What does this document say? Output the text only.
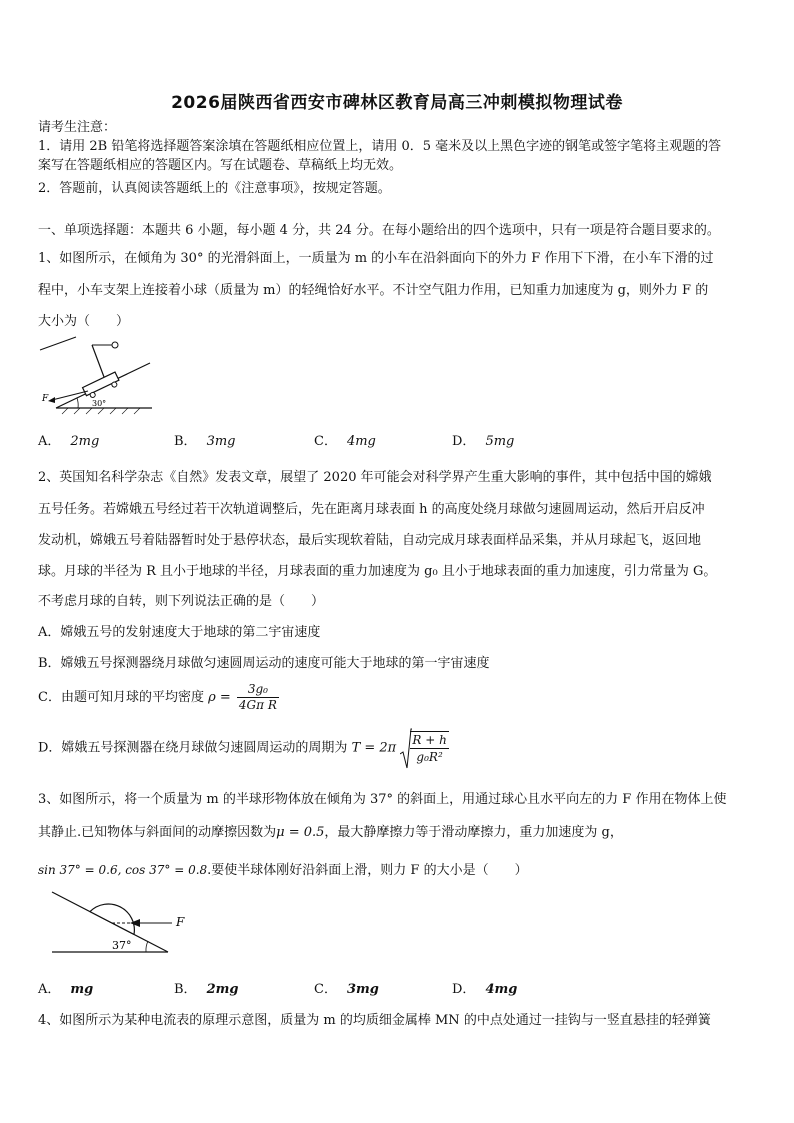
2026届陕西省西安市碑林区教育局高三冲刺模拟物理试卷
请考生注意：
1．请用 2B 铅笔将选择题答案涂填在答题纸相应位置上，请用 0．5 毫米及以上黑色字迹的钢笔或签字笔将主观题的答
案写在答题纸相应的答题区内。写在试题卷、草稿纸上均无效。
2．答题前，认真阅读答题纸上的《注意事项》，按规定答题。
一、单项选择题：本题共 6 小题，每小题 4 分，共 24 分。在每小题给出的四个选项中，只有一项是符合题目要求的。
1、如图所示，在倾角为 30° 的光滑斜面上，一质量为 m 的小车在沿斜面向下的外力 F 作用下下滑，在小车下滑的过
程中，小车支架上连接着小球（质量为 m）的轻绳恰好水平。不计空气阻力作用，已知重力加速度为 g，则外力 F 的
大小为（　　）
F	30°
A． 2mg	B． 3mg	C． 4mg	D． 5mg
2、英国知名科学杂志《自然》发表文章，展望了 2020 年可能会对科学界产生重大影响的事件，其中包括中国的嫦娥
五号任务。若嫦娥五号经过若干次轨道调整后，先在距离月球表面 h 的高度处绕月球做匀速圆周运动，然后开启反冲
发动机，嫦娥五号着陆器暂时处于悬停状态，最后实现软着陆，自动完成月球表面样品采集，并从月球起飞，返回地
球。月球的半径为 R 且小于地球的半径，月球表面的重力加速度为 g₀ 且小于地球表面的重力加速度，引力常量为 G。
不考虑月球的自转，则下列说法正确的是（　　）
A．嫦娥五号的发射速度大于地球的第二宇宙速度
B．嫦娥五号探测器绕月球做匀速圆周运动的速度可能大于地球的第一宇宙速度
C．由题可知月球的平均密度 $\rho = \frac{\text{3g₀}}{\text{4Gπ R}}$
D．嫦娥五号探测器在绕月球做匀速圆周运动的周期为 $T = 2\pi \frac{R + h}{\text{g₀R²}}$
3、如图所示，将一个质量为 m 的半球形物体放在倾角为 37° 的斜面上，用通过球心且水平向左的力 F 作用在物体上使
其静止.已知物体与斜面间的动摩擦因数为μ = 0.5，最大静摩擦力等于滑动摩擦力，重力加速度为 g，
sin 37° = 0.6, cos 37° = 0.8.要使半球体刚好沿斜面上滑，则力 F 的大小是（　　）
F
37°
A． mg	B． 2mg	C． 3mg	D． 4mg
4、如图所示为某种电流表的原理示意图，质量为 m 的均质细金属棒 MN 的中点处通过一挂钩与一竖直悬挂的轻弹簧
